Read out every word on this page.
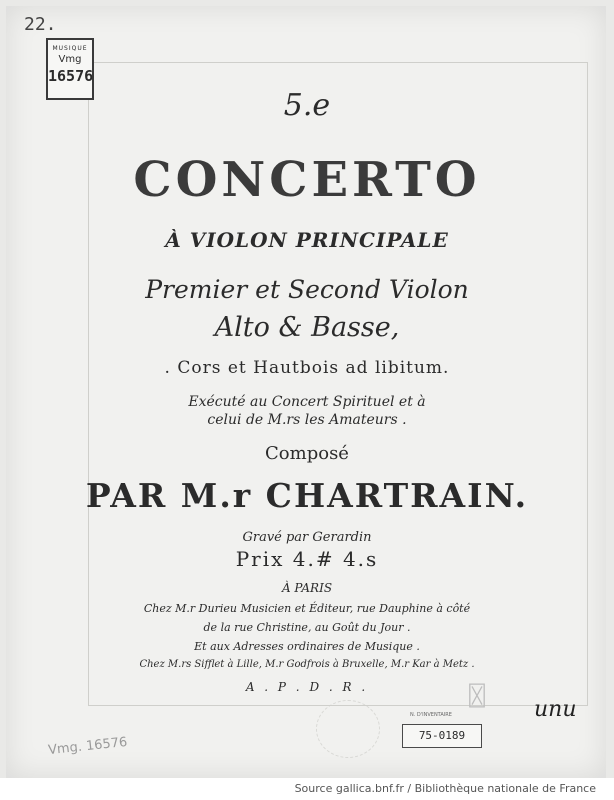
22.
MUSIQUE
Vmg
16576
5.e
CONCERTO
À VIOLON PRINCIPALE
Premier et Second Violon
Alto & Basse,
. Cors et Hautbois ad libitum.
Exécuté au Concert Spirituel et à
celui de M.rs les Amateurs .
Composé
PAR M.r CHARTRAIN.
Gravé par Gerardin
Prix 4.# 4.s
À PARIS
Chez M.r Durieu Musicien et Éditeur, rue Dauphine à côté
de la rue Christine, au Goût du Jour .
Et aux Adresses ordinaires de Musique .
Chez M.rs Sifflet à Lille, M.r Godfrois à Bruxelle, M.r Kar à Metz .
A . P . D . R .
N. D'INVENTAIRE
75-0189
〿 unu
Vmg. 16576
Source gallica.bnf.fr / Bibliothèque nationale de France
